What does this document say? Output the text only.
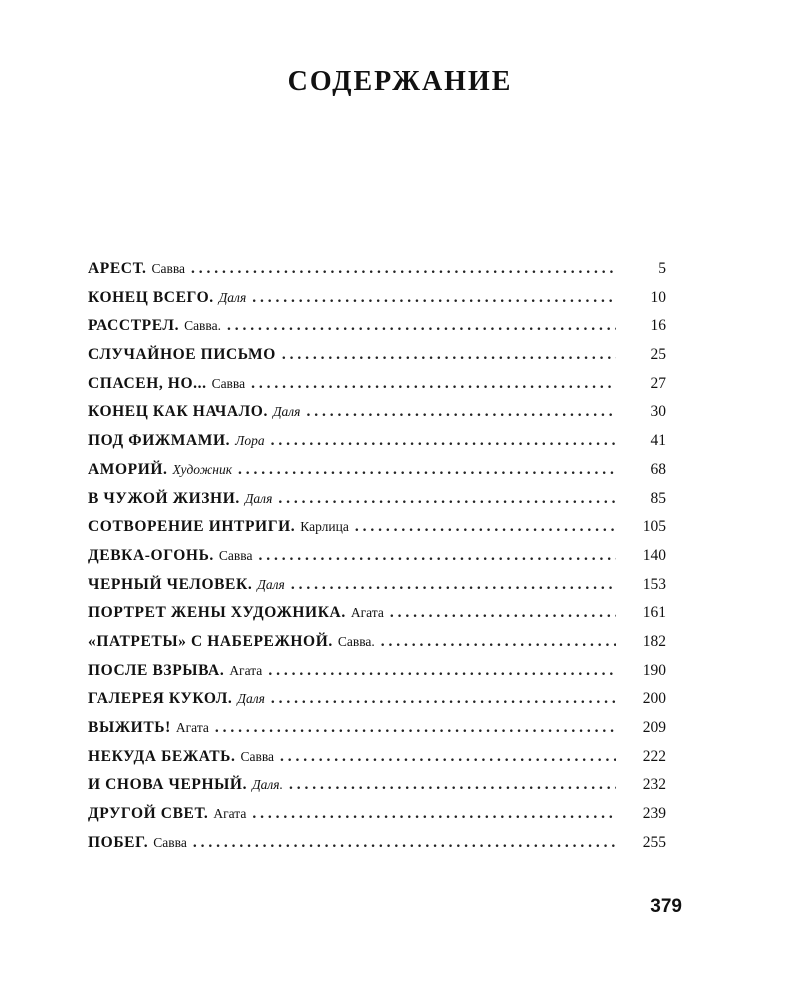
СОДЕРЖАНИЕ
АРЕСТ. Савва . . .	5
КОНЕЦ ВСЕГО. Даля . . .	10
РАССТРЕЛ. Савва. . . .	16
СЛУЧАЙНОЕ ПИСЬМО . . .	25
СПАСЕН, НО... Савва . . .	27
КОНЕЦ КАК НАЧАЛО. Даля . . .	30
ПОД ФИЖМАМИ. Лора . . .	41
АМОРИЙ. Художник . . .	68
В ЧУЖОЙ ЖИЗНИ. Даля . . .	85
СОТВОРЕНИЕ ИНТРИГИ. Карлица . . .	105
ДЕВКА-ОГОНЬ. Савва . . .	140
ЧЕРНЫЙ ЧЕЛОВЕК. Даля . . .	153
ПОРТРЕТ ЖЕНЫ ХУДОЖНИКА. Агата . . .	161
«ПАТРЕТЫ» С НАБЕРЕЖНОЙ. Савва. . . .	182
ПОСЛЕ ВЗРЫВА. Агата . . .	190
ГАЛЕРЕЯ КУКОЛ. Даля . . .	200
ВЫЖИТЬ! Агата . . .	209
НЕКУДА БЕЖАТЬ. Савва . . .	222
И СНОВА ЧЕРНЫЙ. Даля. . . .	232
ДРУГОЙ СВЕТ. Агата . . .	239
ПОБЕГ. Савва . . .	255
379
